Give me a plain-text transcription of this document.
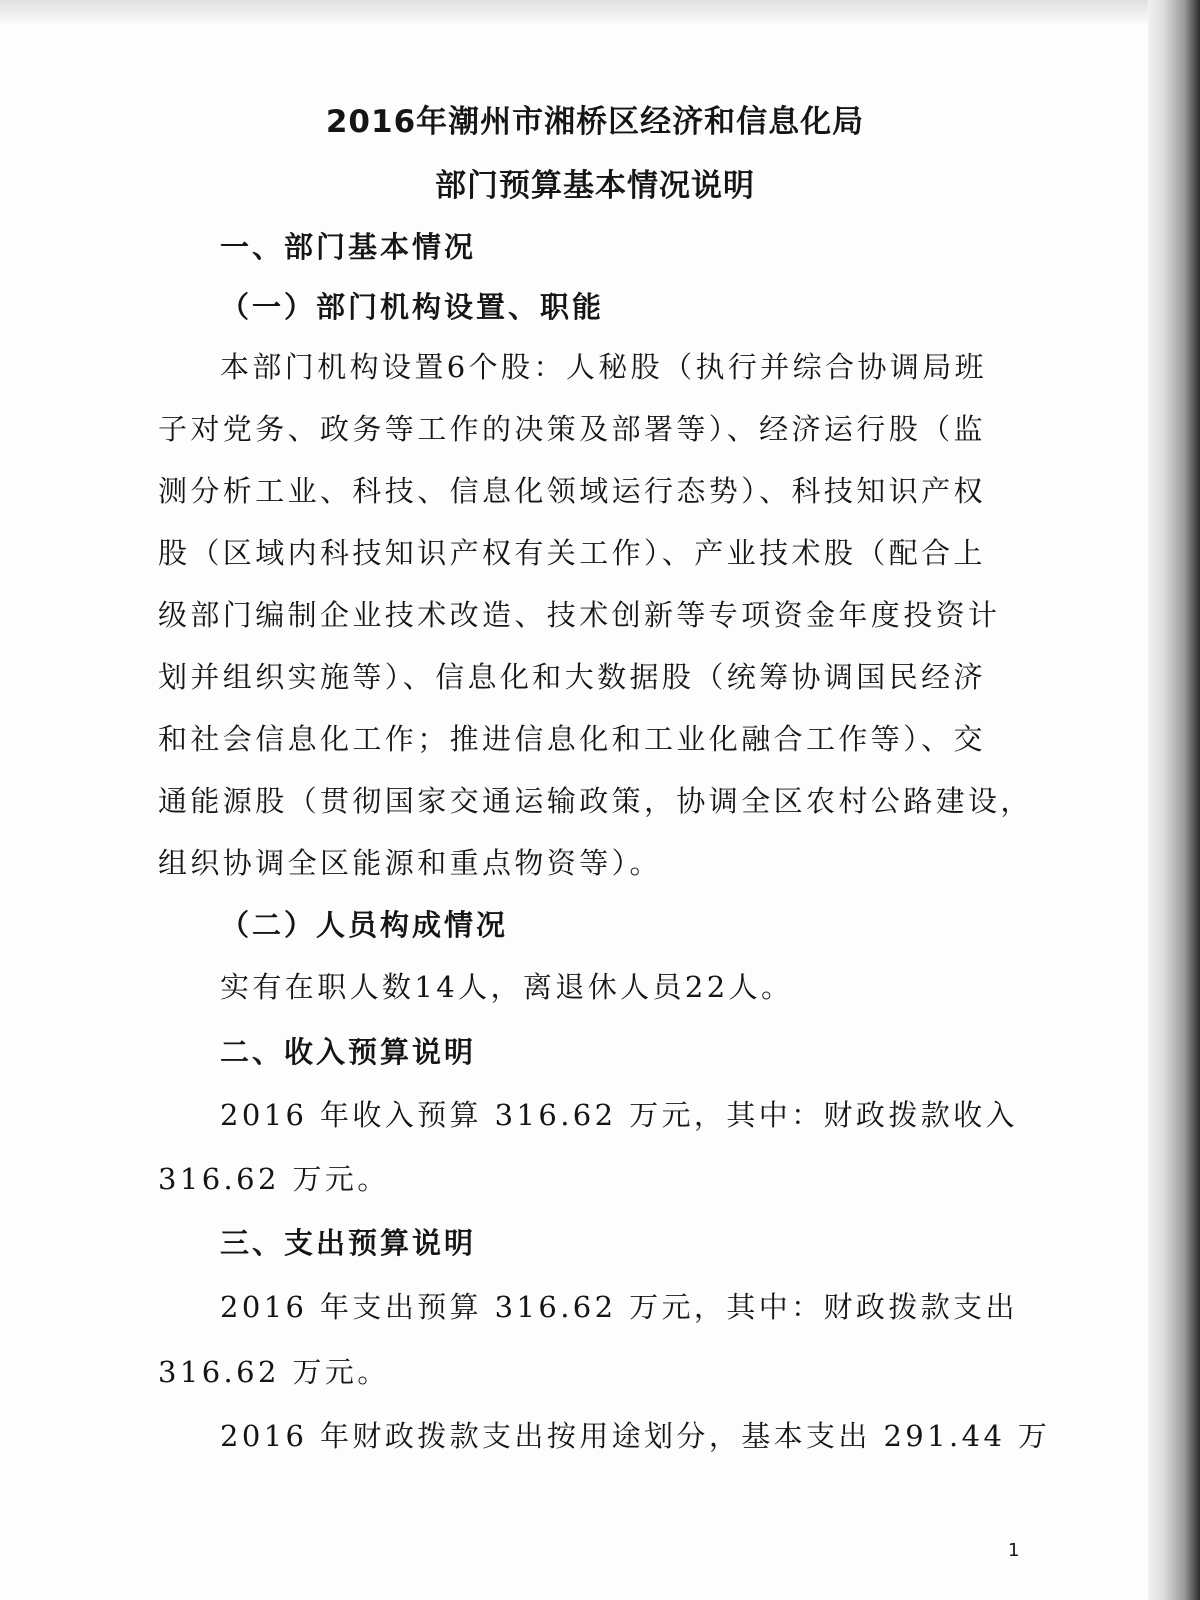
2016年潮州市湘桥区经济和信息化局
部门预算基本情况说明
一、部门基本情况
（一）部门机构设置、职能
本部门机构设置6个股：人秘股（执行并综合协调局班
子对党务、政务等工作的决策及部署等）、经济运行股（监
测分析工业、科技、信息化领域运行态势）、科技知识产权
股（区域内科技知识产权有关工作）、产业技术股（配合上
级部门编制企业技术改造、技术创新等专项资金年度投资计
划并组织实施等）、信息化和大数据股（统筹协调国民经济
和社会信息化工作；推进信息化和工业化融合工作等）、交
通能源股（贯彻国家交通运输政策，协调全区农村公路建设，
组织协调全区能源和重点物资等）。
（二）人员构成情况
实有在职人数14人，离退休人员22人。
二、收入预算说明
2016 年收入预算 316.62 万元，其中：财政拨款收入
316.62 万元。
三、支出预算说明
2016 年支出预算 316.62 万元，其中：财政拨款支出
316.62 万元。
2016 年财政拨款支出按用途划分，基本支出 291.44 万
1
